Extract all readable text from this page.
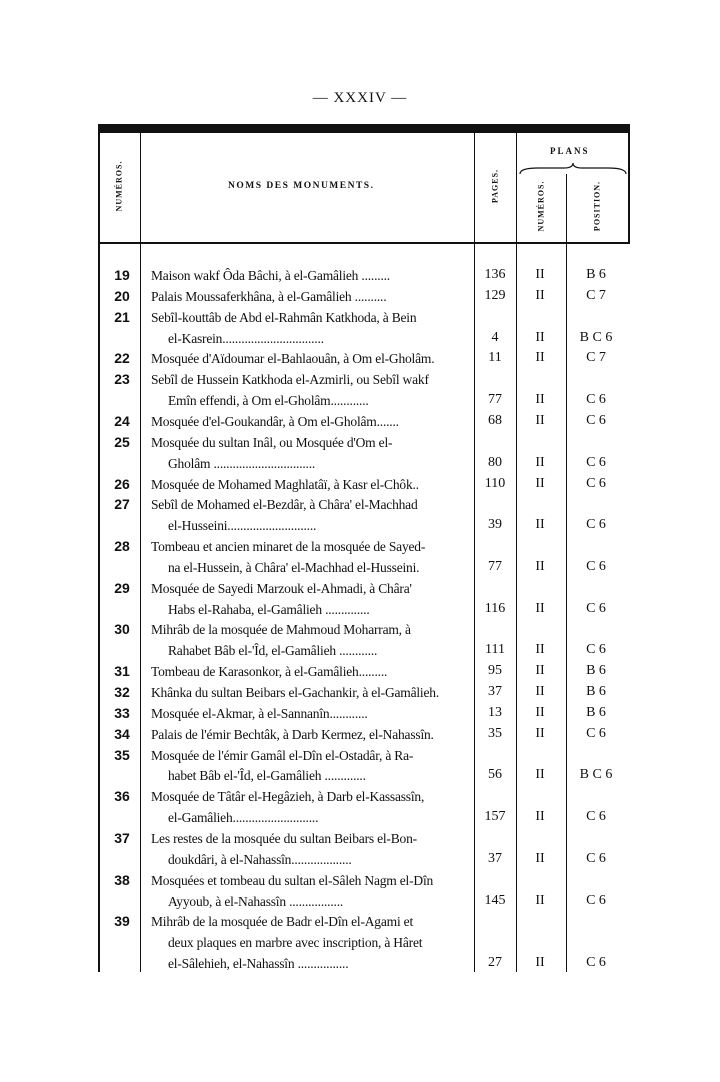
— XXXIV —
NUMÉROS.	NOMS DES MONUMENTS.	PAGES.
PLANS
NUMÉROS.	POSITION.
19	Maison wakf Ôda Bâchi, à el-Gamâlieh .........	136	II	B 6
20	Palais Moussaferkhâna, à el-Gamâlieh ..........	129	II	C 7
21	Sebîl-kouttâb de Abd el-Rahmân Katkhoda, à Bein
el-Kasrein................................	4	II	B C 6
22	Mosquée d'Aïdoumar el-Bahlaouân, à Om el-Gholâm.	11	II	C 7
23	Sebîl de Hussein Katkhoda el-Azmirli, ou Sebîl wakf
Emîn effendi, à Om el-Gholâm............	77	II	C 6
24	Mosquée d'el-Goukandâr, à Om el-Gholâm.......	68	II	C 6
25	Mosquée du sultan Inâl, ou Mosquée d'Om el-
Gholâm ................................	80	II	C 6
26	Mosquée de Mohamed Maghlatâï, à Kasr el-Chôk..	110	II	C 6
27	Sebîl de Mohamed el-Bezdâr, à Châra' el-Machhad
el-Husseini............................	39	II	C 6
28	Tombeau et ancien minaret de la mosquée de Sayed-
na el-Hussein, à Châra' el-Machhad el-Husseini.	77	II	C 6
29	Mosquée de Sayedi Marzouk el-Ahmadi, à Châra'
Habs el-Rahaba, el-Gamâlieh ..............	116	II	C 6
30	Mihrâb de la mosquée de Mahmoud Moharram, à
Rahabet Bâb el-'Îd, el-Gamâlieh ............	111	II	C 6
31	Tombeau de Karasonkor, à el-Gamâlieh.........	95	II	B 6
32	Khânka du sultan Beibars el-Gachankir, à el-Gamâlieh.	37	II	B 6
33	Mosquée el-Akmar, à el-Sannanîn............	13	II	B 6
34	Palais de l'émir Bechtâk, à Darb Kermez, el-Nahassîn.	35	II	C 6
35	Mosquée de l'émir Gamâl el-Dîn el-Ostadâr, à Ra-
habet Bâb el-'Îd, el-Gamâlieh .............	56	II	B C 6
36	Mosquée de Tâtâr el-Hegâzieh, à Darb el-Kassassîn,
el-Gamâlieh...........................	157	II	C 6
37	Les restes de la mosquée du sultan Beibars el-Bon-
doukdâri, à el-Nahassîn...................	37	II	C 6
38	Mosquées et tombeau du sultan el-Sâleh Nagm el-Dîn
Ayyoub, à el-Nahassîn .................	145	II	C 6
39	Mihrâb de la mosquée de Badr el-Dîn el-Agami et
deux plaques en marbre avec inscription, à Hâret
el-Sâlehieh, el-Nahassîn ................	27	II	C 6
